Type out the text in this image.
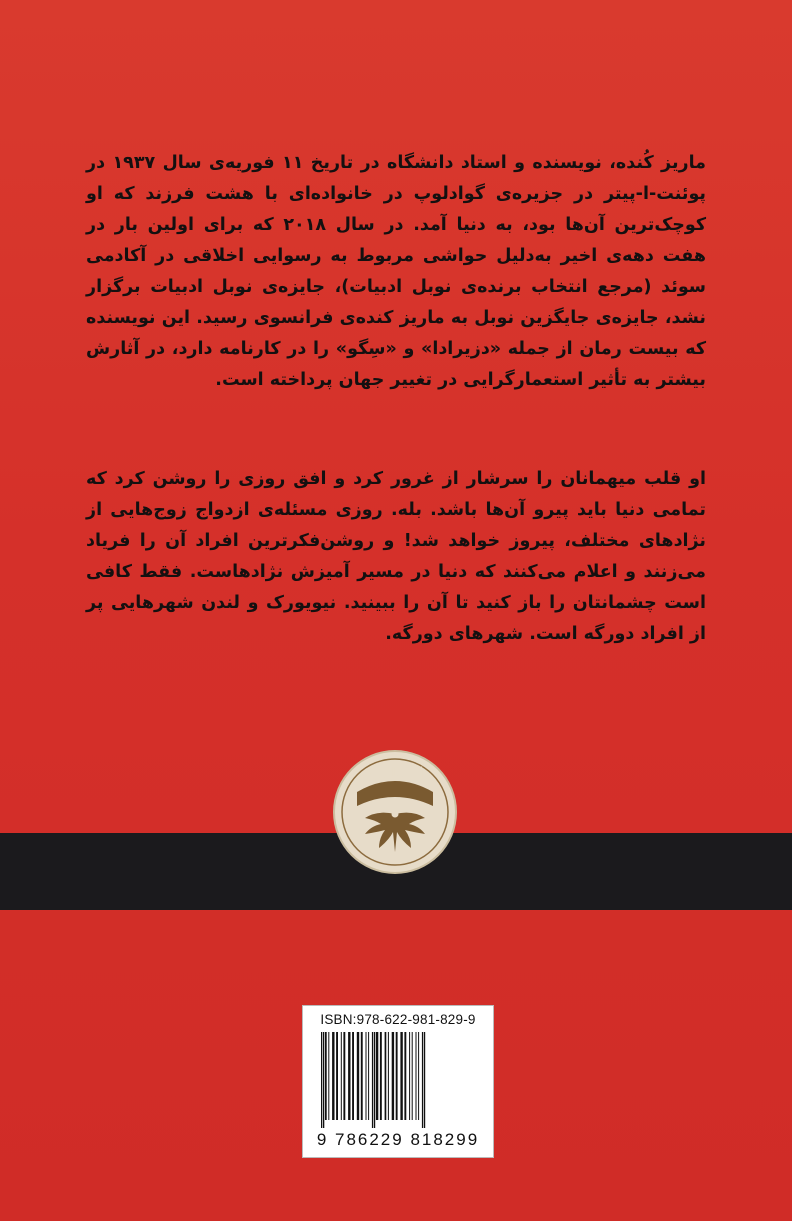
ماریز کُنده، نویسنده و استاد دانشگاه در تاریخ ۱۱ فوریه‌ی سال ۱۹۳۷ در پوئنت-ا-پیتر در جزیره‌ی گوادلوپ در خانواده‌ای با هشت فرزند که او کوچک‌ترین آن‌ها بود، به دنیا آمد. در سال ۲۰۱۸ که برای اولین بار در هفت دهه‌ی اخیر به‌دلیل حواشی مربوط به رسوایی اخلاقی در آکادمی سوئد (مرجع انتخاب برنده‌ی نوبل ادبیات)، جایزه‌ی نوبل ادبیات برگزار نشد، جایزه‌ی جایگزین نوبل به ماریز کنده‌ی فرانسوی رسید. این نویسنده که بیست رمان از جمله «دزیرادا» و «سِگو» را در کارنامه دارد، در آثارش بیشتر به تأثیر استعمارگرایی در تغییر جهان پرداخته است.

او قلب میهمانان را سرشار از غرور کرد و افق روزی را روشن کرد که تمامی دنیا باید پیرو آن‌ها باشد. بله. روزی مسئله‌ی ازدواج زوج‌هایی از نژادهای مختلف، پیروز خواهد شد! و روشن‌فکرترین افراد آن را فریاد می‌زنند و اعلام می‌کنند که دنیا در مسیر آمیزش نژادهاست. فقط کافی است چشمانتان را باز کنید تا آن را ببینید. نیویورک و لندن شهرهایی پر از افراد دورگه است. شهرهای دورگه.

راه طلایی
ISBN:978-622-981-829-9
9 786229 818299
